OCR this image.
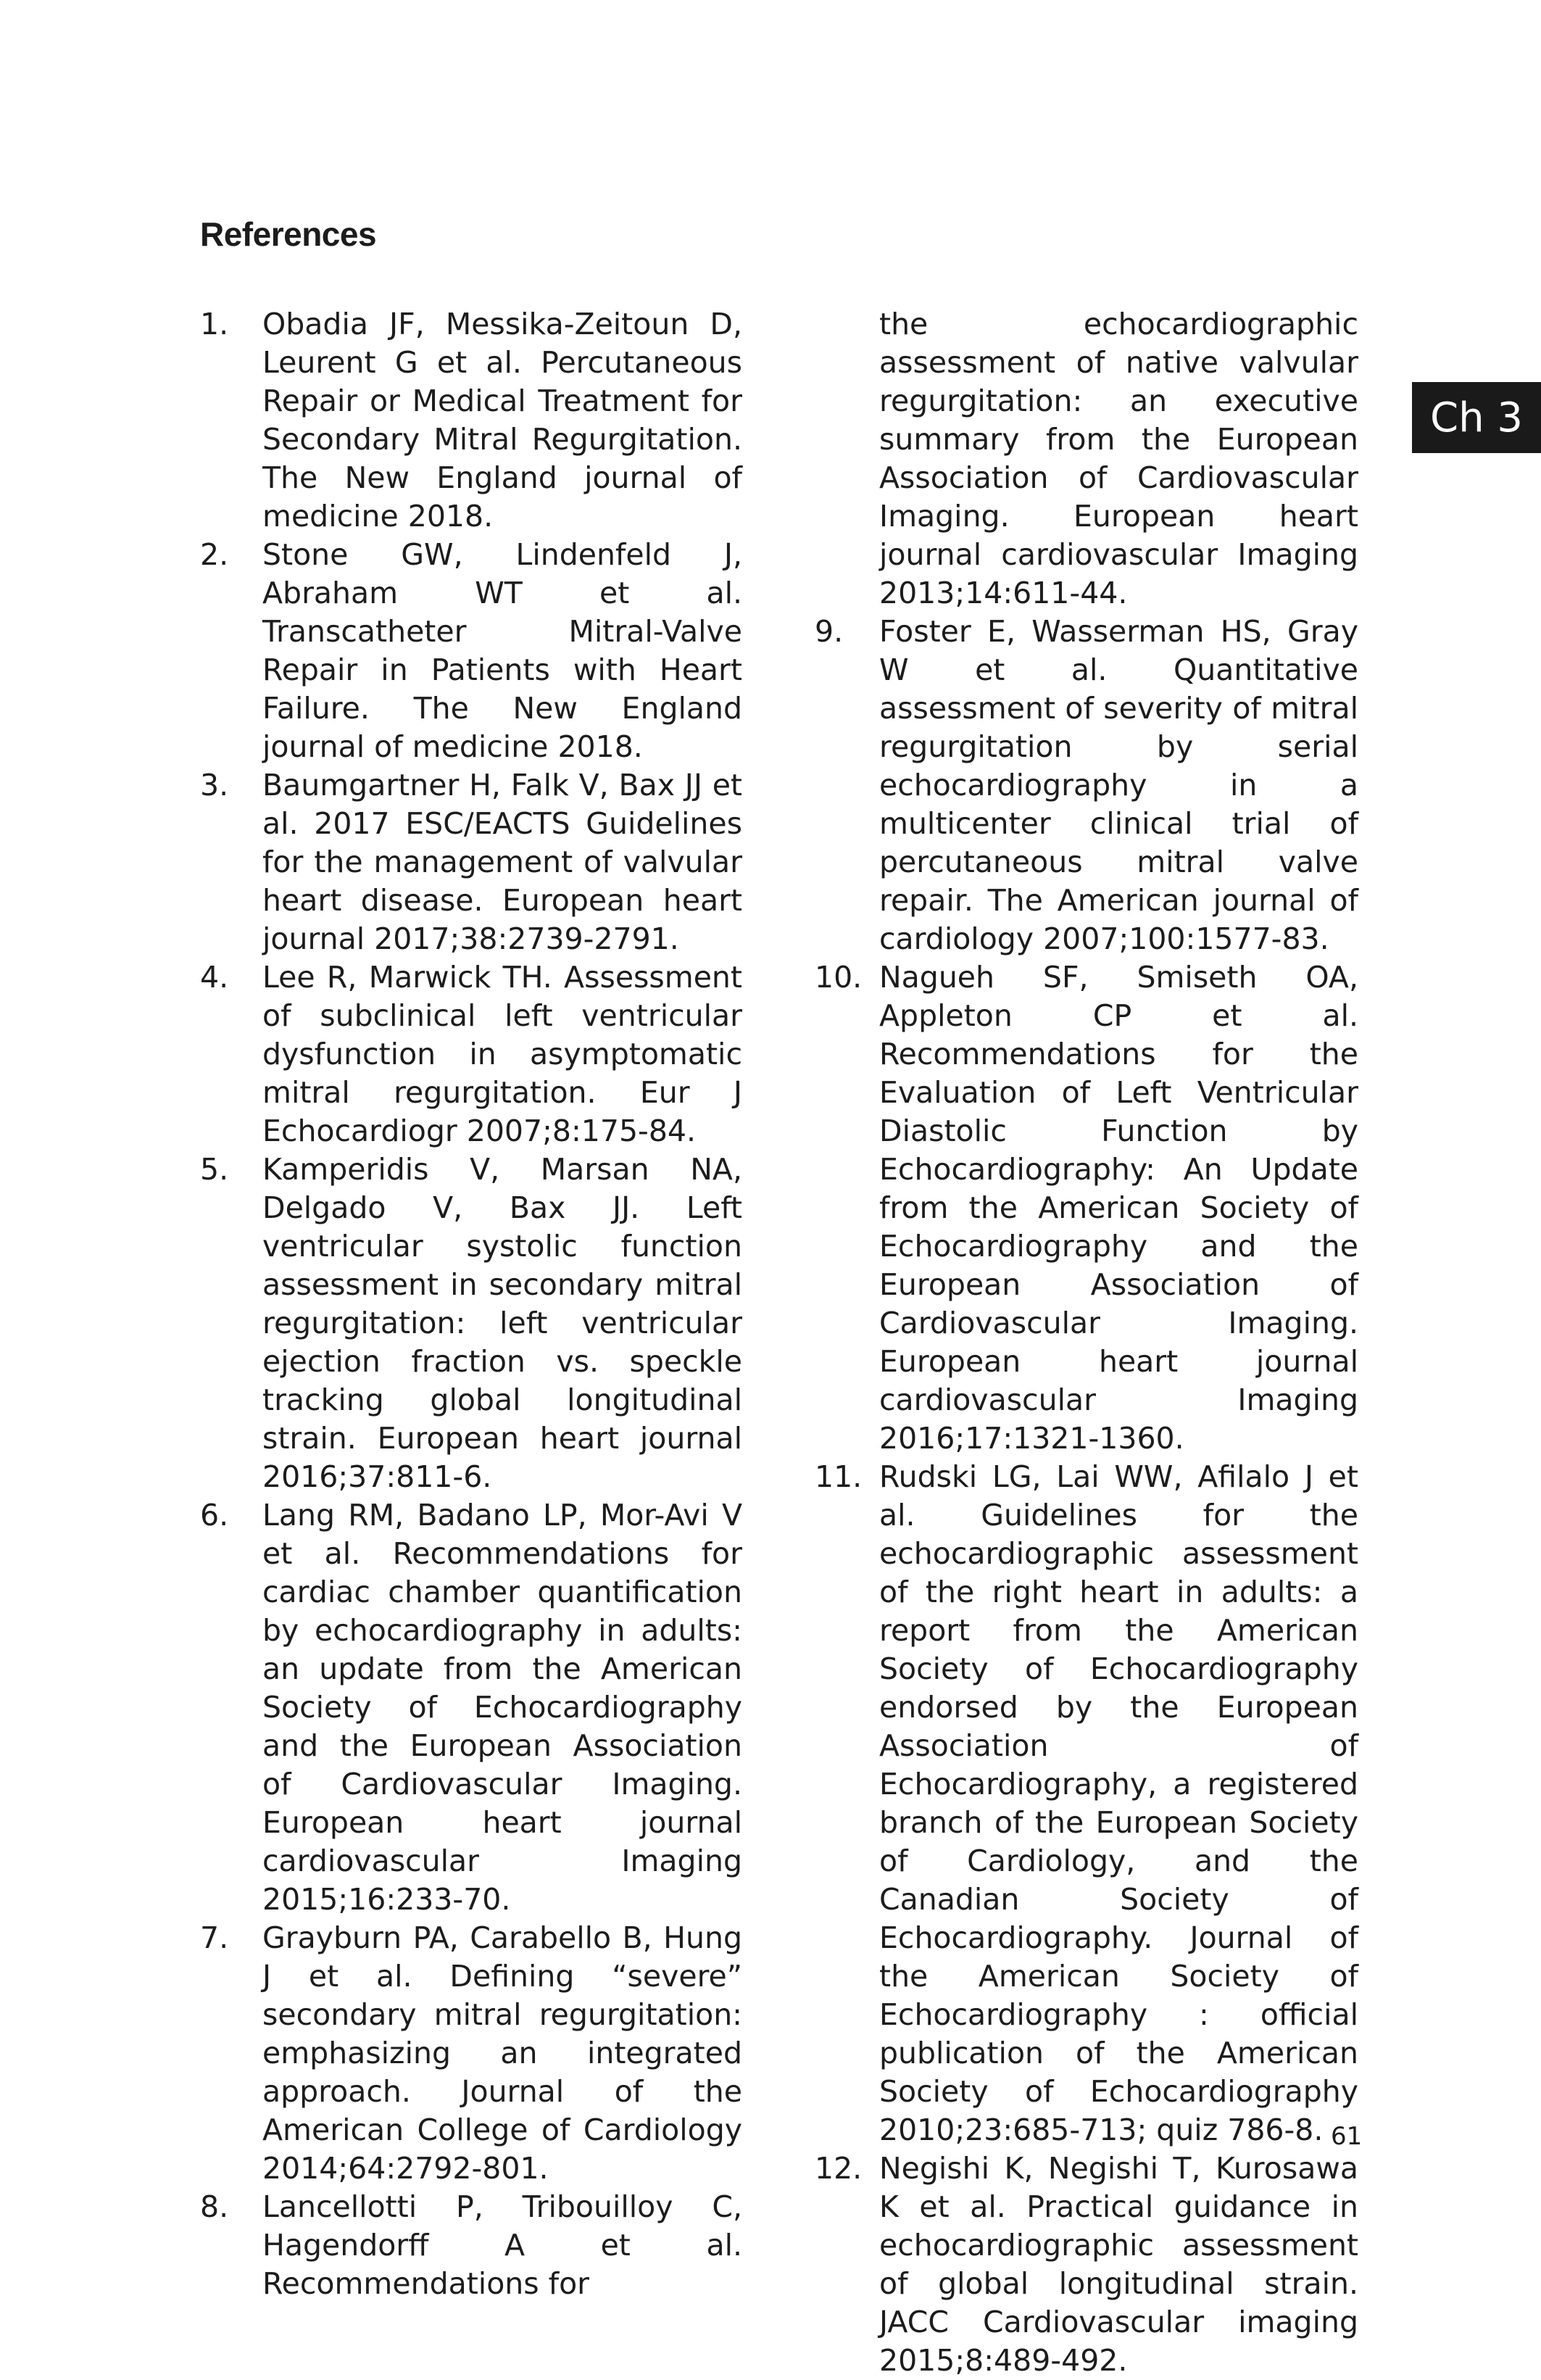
References
1.	Obadia JF, Messika-Zeitoun D, Leurent G et al. Percutaneous Repair or Medical Treatment for Secondary Mitral Regurgitation. The New England journal of medicine 2018.
2.	Stone GW, Lindenfeld J, Abraham WT et al. Transcatheter Mitral-Valve Repair in Patients with Heart Failure. The New England journal of medicine 2018.
3.	Baumgartner H, Falk V, Bax JJ et al. 2017 ESC/EACTS Guidelines for the management of valvular heart disease. European heart journal 2017;38:2739-2791.
4.	Lee R, Marwick TH. Assessment of subclinical left ventricular dysfunction in asymptomatic mitral regurgitation. Eur J Echocardiogr 2007;8:175-84.
5.	Kamperidis V, Marsan NA, Delgado V, Bax JJ. Left ventricular systolic function assessment in secondary mitral regurgitation: left ventricular ejection fraction vs. speckle tracking global longitudinal strain. European heart journal 2016;37:811-6.
6.	Lang RM, Badano LP, Mor-Avi V et al. Recommendations for cardiac chamber quantification by echocardiography in adults: an update from the American Society of Echocardiography and the European Association of Cardiovascular Imaging. European heart journal cardiovascular Imaging 2015;16:233-70.
7.	Grayburn PA, Carabello B, Hung J et al. Defining “severe” secondary mitral regurgitation: emphasizing an integrated approach. Journal of the American College of Cardiology 2014;64:2792-801.
8.	Lancellotti P, Tribouilloy C, Hagendorff A et al. Recommendations for
the echocardiographic assessment of native valvular regurgitation: an executive summary from the European Association of Cardiovascular Imaging. European heart journal cardiovascular Imaging 2013;14:611-44.
9.	Foster E, Wasserman HS, Gray W et al. Quantitative assessment of severity of mitral regurgitation by serial echocardiography in a multicenter clinical trial of percutaneous mitral valve repair. The American journal of cardiology 2007;100:1577-83.
10. Nagueh SF, Smiseth OA, Appleton CP et al. Recommendations for the Evaluation of Left Ventricular Diastolic Function by Echocardiography: An Update from the American Society of Echocardiography and the European Association of Cardiovascular Imaging. European heart journal cardiovascular Imaging 2016;17:1321-1360.
11. Rudski LG, Lai WW, Afilalo J et al. Guidelines for the echocardiographic assessment of the right heart in adults: a report from the American Society of Echocardiography endorsed by the European Association of Echocardiography, a registered branch of the European Society of Cardiology, and the Canadian Society of Echocardiography. Journal of the American Society of Echocardiography : official publication of the American Society of Echocardiography 2010;23:685-713; quiz 786-8.
12. Negishi K, Negishi T, Kurosawa K et al. Practical guidance in echocardiographic assessment of global longitudinal strain. JACC Cardiovascular imaging 2015;8:489-492.
Ch 3
61
